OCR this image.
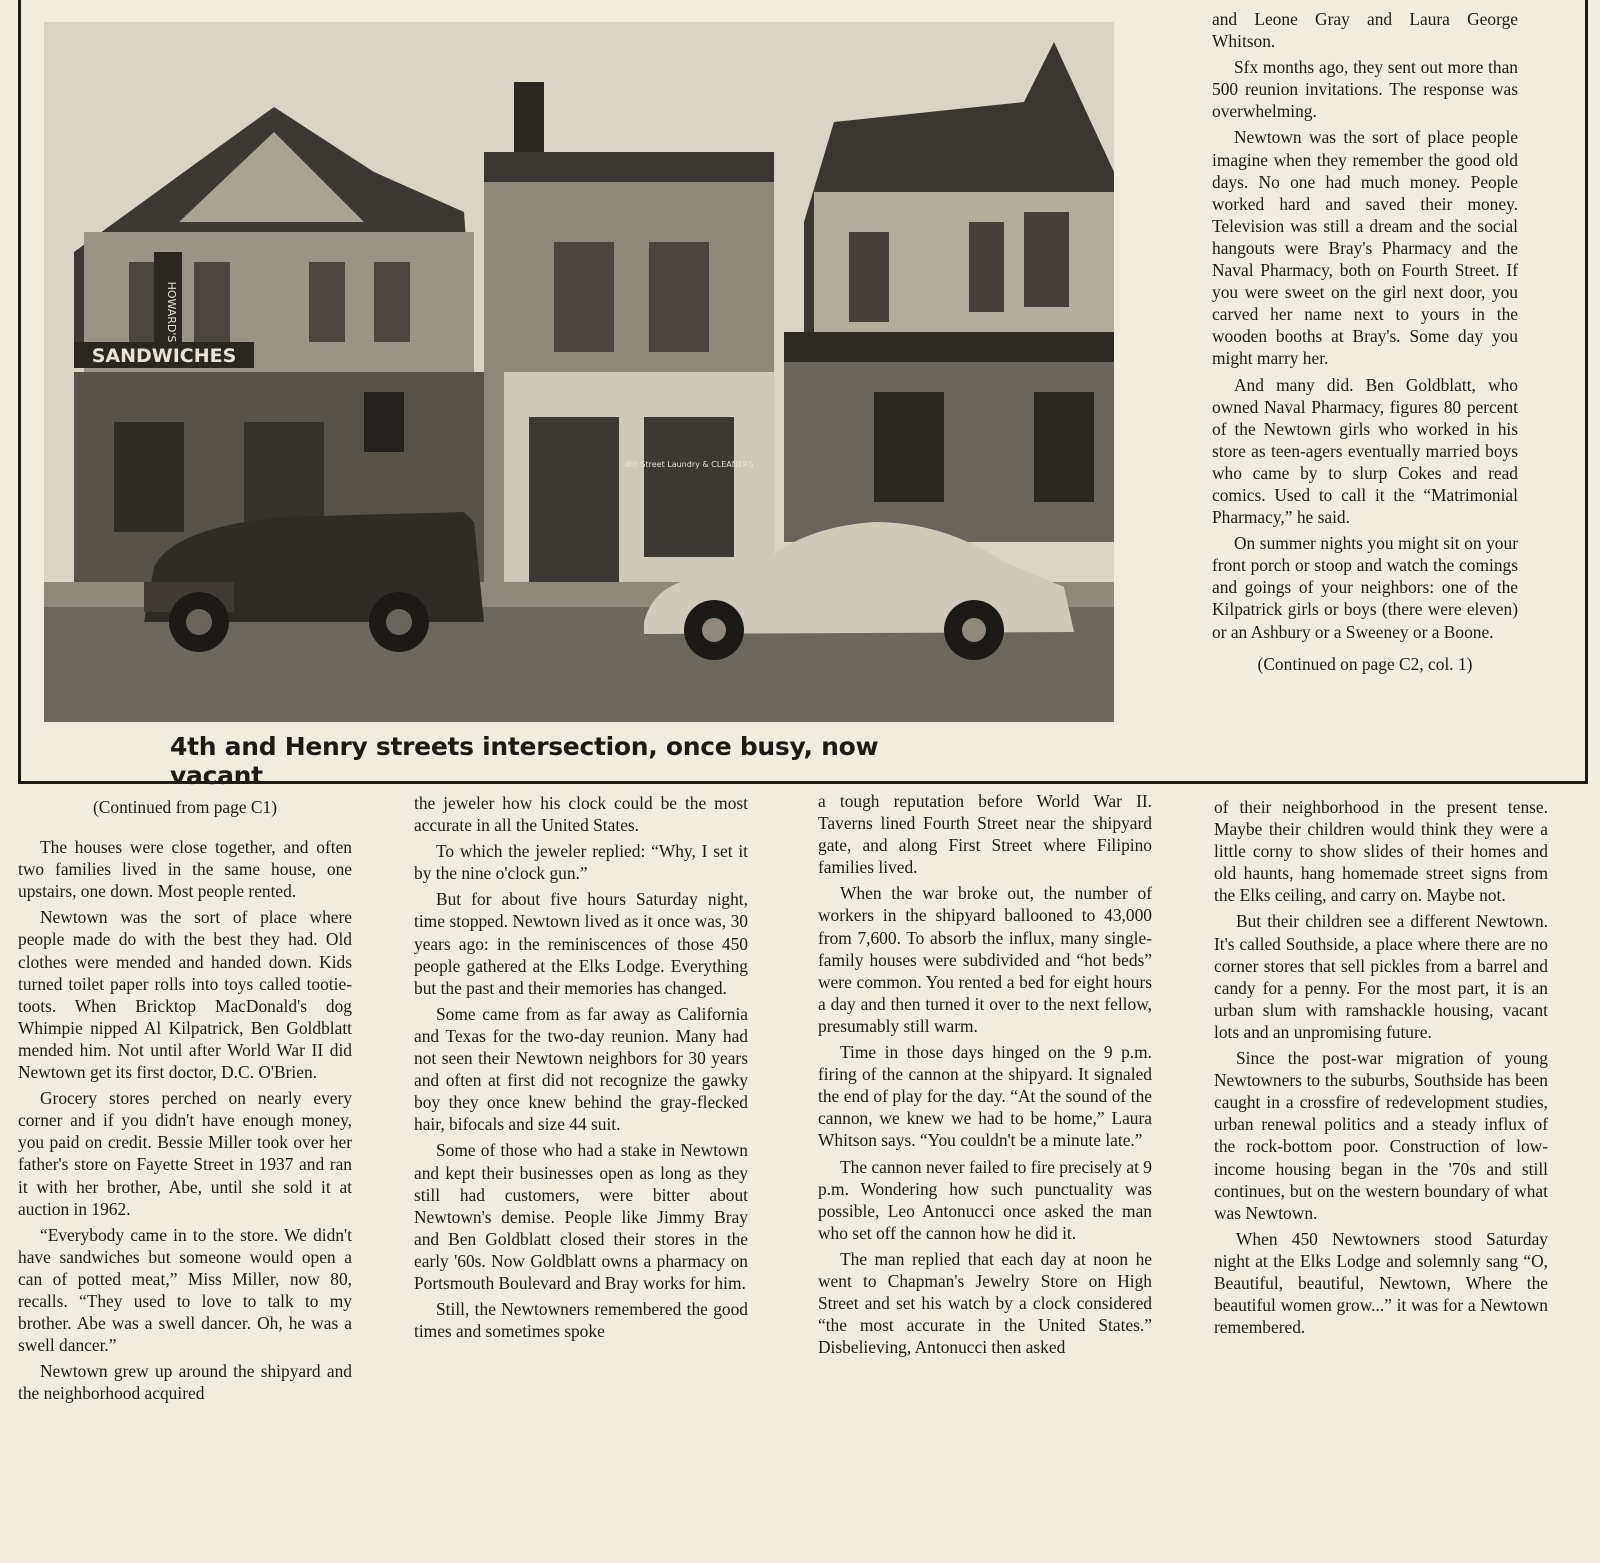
HOWARD'S
SANDWICHES
4th Street Laundry & CLEANERS
4th and Henry streets intersection, once busy, now vacant

and Leone Gray and Laura George Whitson.

Sfx months ago, they sent out more than 500 reunion invitations. The response was overwhelming.

Newtown was the sort of place people imagine when they remember the good old days. No one had much money. People worked hard and saved their money. Television was still a dream and the social hangouts were Bray's Pharmacy and the Naval Pharmacy, both on Fourth Street. If you were sweet on the girl next door, you carved her name next to yours in the wooden booths at Bray's. Some day you might marry her.

And many did. Ben Goldblatt, who owned Naval Pharmacy, figures 80 percent of the Newtown girls who worked in his store as teen-agers eventually married boys who came by to slurp Cokes and read comics. Used to call it the “Matrimonial Pharmacy,” he said.

On summer nights you might sit on your front porch or stoop and watch the comings and goings of your neighbors: one of the Kilpatrick girls or boys (there were eleven) or an Ashbury or a Sweeney or a Boone.

(Continued on page C2, col. 1)

(Continued from page C1)

The houses were close together, and often two families lived in the same house, one upstairs, one down. Most people rented.

Newtown was the sort of place where people made do with the best they had. Old clothes were mended and handed down. Kids turned toilet paper rolls into toys called tootie-toots. When Bricktop MacDonald's dog Whimpie nipped Al Kilpatrick, Ben Goldblatt mended him. Not until after World War II did Newtown get its first doctor, D.C. O'Brien.

Grocery stores perched on nearly every corner and if you didn't have enough money, you paid on credit. Bessie Miller took over her father's store on Fayette Street in 1937 and ran it with her brother, Abe, until she sold it at auction in 1962.

“Everybody came in to the store. We didn't have sandwiches but someone would open a can of potted meat,” Miss Miller, now 80, recalls. “They used to love to talk to my brother. Abe was a swell dancer. Oh, he was a swell dancer.”

Newtown grew up around the shipyard and the neighborhood acquired

the jeweler how his clock could be the most accurate in all the United States.

To which the jeweler replied: “Why, I set it by the nine o'clock gun.”

But for about five hours Saturday night, time stopped. Newtown lived as it once was, 30 years ago: in the reminiscences of those 450 people gathered at the Elks Lodge. Everything but the past and their memories has changed.

Some came from as far away as California and Texas for the two-day reunion. Many had not seen their Newtown neighbors for 30 years and often at first did not recognize the gawky boy they once knew behind the gray-flecked hair, bifocals and size 44 suit.

Some of those who had a stake in Newtown and kept their businesses open as long as they still had customers, were bitter about Newtown's demise. People like Jimmy Bray and Ben Goldblatt closed their stores in the early '60s. Now Goldblatt owns a pharmacy on Portsmouth Boulevard and Bray works for him.

Still, the Newtowners remembered the good times and sometimes spoke

a tough reputation before World War II. Taverns lined Fourth Street near the shipyard gate, and along First Street where Filipino families lived.

When the war broke out, the number of workers in the shipyard ballooned to 43,000 from 7,600. To absorb the influx, many single-family houses were subdivided and “hot beds” were common. You rented a bed for eight hours a day and then turned it over to the next fellow, presumably still warm.

Time in those days hinged on the 9 p.m. firing of the cannon at the shipyard. It signaled the end of play for the day. “At the sound of the cannon, we knew we had to be home,” Laura Whitson says. “You couldn't be a minute late.”

The cannon never failed to fire precisely at 9 p.m. Wondering how such punctuality was possible, Leo Antonucci once asked the man who set off the cannon how he did it.

The man replied that each day at noon he went to Chapman's Jewelry Store on High Street and set his watch by a clock considered “the most accurate in the United States.” Disbelieving, Antonucci then asked

of their neighborhood in the present tense. Maybe their children would think they were a little corny to show slides of their homes and old haunts, hang homemade street signs from the Elks ceiling, and carry on. Maybe not.

But their children see a different Newtown. It's called Southside, a place where there are no corner stores that sell pickles from a barrel and candy for a penny. For the most part, it is an urban slum with ramshackle housing, vacant lots and an unpromising future.

Since the post-war migration of young Newtowners to the suburbs, Southside has been caught in a crossfire of redevelopment studies, urban renewal politics and a steady influx of the rock-bottom poor. Construction of low-income housing began in the '70s and still continues, but on the western boundary of what was Newtown.

When 450 Newtowners stood Saturday night at the Elks Lodge and solemnly sang “O, Beautiful, beautiful, Newtown, Where the beautiful women grow...” it was for a Newtown remembered.
